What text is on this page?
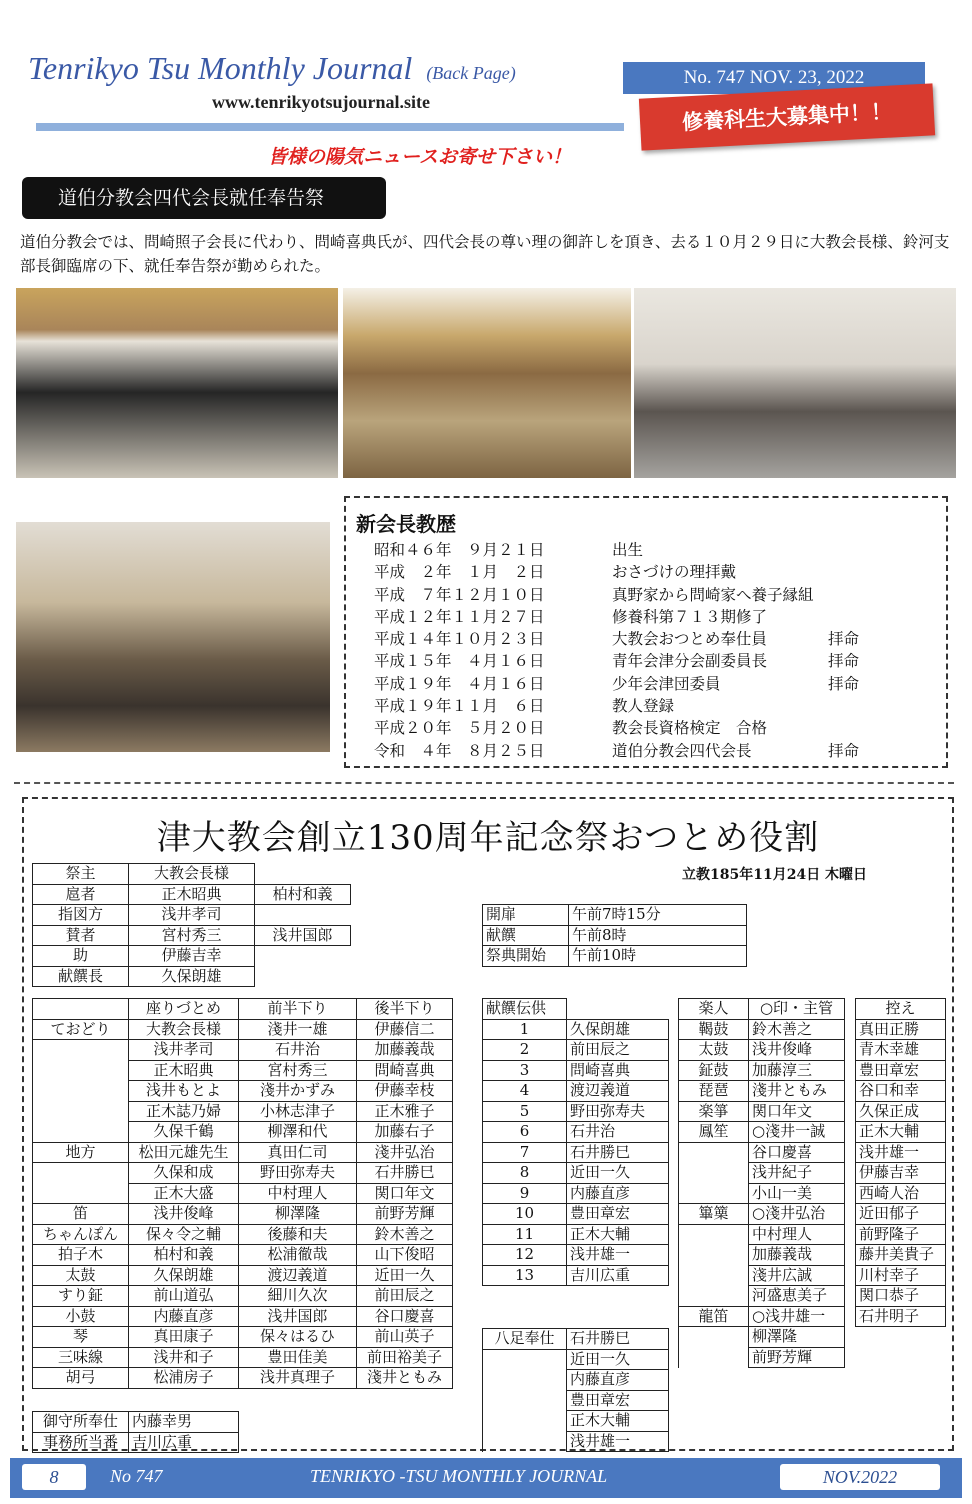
Tenrikyo Tsu Monthly Journal (Back Page)
www.tenrikyotsujournal.site
No. 747 NOV. 23, 2022
修養科生大募集中！！
皆様の陽気ニュースお寄せ下さい！
道伯分教会四代会長就任奉告祭
道伯分教会では、問崎照子会長に代わり、問崎喜典氏が、四代会長の尊い理の御許しを頂き、去る１０月２９日に大教会長様、鈴河支部長御臨席の下、就任奉告祭が勤められた。
新会長教歴
昭和４６年　９月２１日	出生	
平成　２年　１月　２日	おさづけの理拝戴	
平成　７年１２月１０日	真野家から問崎家へ養子縁組	
平成１２年１１月２７日	修養科第７１３期修了	
平成１４年１０月２３日	大教会おつとめ奉仕員	拝命
平成１５年　４月１６日	青年会津分会副委員長	拝命
平成１９年　４月１６日	少年会津団委員	拝命
平成１９年１１月　６日	教人登録	
平成２０年　５月２０日	教会長資格検定　合格	
令和　４年　８月２５日	道伯分教会四代会長	拝命
津大教会創立130周年記念祭おつとめ役割
立教185年11月24日 木曜日
祭主	大教会長様	
扈者	正木昭典	柏村和義
指図方	浅井孝司	
賛者	宮村秀三	浅井国郎
助	伊藤吉幸	
献饌長	久保朗雄	
開扉	午前7時15分
献饌	午前8時
祭典開始	午前10時
	座りづとめ	前半下り	後半下り
ておどり	大教会長様	淺井一雄	伊藤信二
	浅井孝司	石井治	加藤義哉
	正木昭典	宮村秀三	問崎喜典
	浅井もとよ	淺井かずみ	伊藤幸枝
	正木誌乃婦	小林志津子	正木雅子
	久保千鶴	柳澤和代	加藤右子
地方	松田元雄先生	真田仁司	淺井弘治
	久保和成	野田弥寿夫	石井勝巳
	正木大盛	中村理人	関口年文
笛	浅井俊峰	柳澤隆	前野芳輝
ちゃんぽん	保々令之輔	後藤和夫	鈴木善之
拍子木	柏村和義	松浦徹哉	山下俊昭
太鼓	久保朗雄	渡辺義道	近田一久
すり鉦	前山道弘	細川久次	前田辰之
小鼓	内藤直彦	浅井国郎	谷口慶喜
琴	真田康子	保々はるひ	前山英子
三味線	浅井和子	豊田佳美	前田裕美子
胡弓	松浦房子	浅井真理子	淺井ともみ
御守所奉仕	内藤幸男
事務所当番	吉川広重
献饌伝供	
1	久保朗雄
2	前田辰之
3	問崎喜典
4	渡辺義道
5	野田弥寿夫
6	石井治
7	石井勝巳
8	近田一久
9	内藤直彦
10	豊田章宏
11	正木大輔
12	浅井雄一
13	吉川広重
八足奉仕	石井勝巳
	近田一久
	内藤直彦
	豊田章宏
	正木大輔
	浅井雄一
楽人	○印・主管
鞨鼓	鈴木善之
太鼓	浅井俊峰
鉦鼓	加藤淳三
琵琶	淺井ともみ
楽箏	関口年文
鳳笙	○淺井一誠
	谷口慶喜
	浅井紀子
	小山一美
篳篥	○淺井弘治
	中村理人
	加藤義哉
	淺井広誠
	河盛恵美子
龍笛	○浅井雄一
	柳澤隆
	前野芳輝
控え
真田正勝
青木幸雄
豊田章宏
谷口和幸
久保正成
正木大輔
浅井雄一
伊藤吉幸
西崎人治
近田郁子
前野隆子
藤井美貴子
川村幸子
関口恭子
石井明子
8	No 747	TENRIKYO -TSU MONTHLY JOURNAL	NOV.2022
